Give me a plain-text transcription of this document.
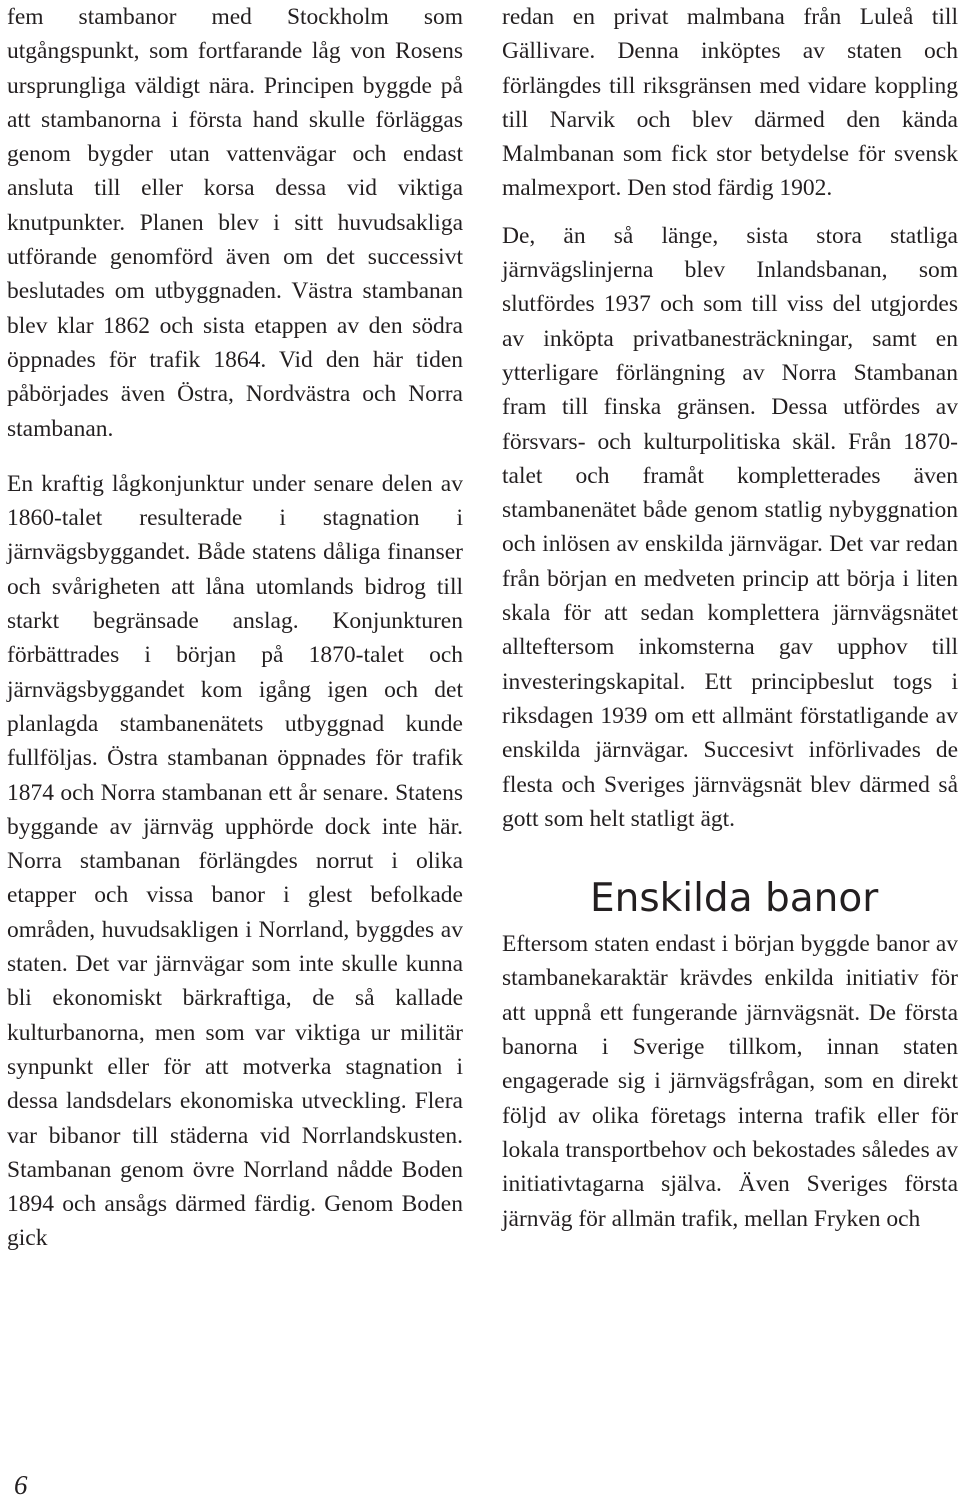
fem stambanor med Stockholm som utgångspunkt, som fortfarande låg von Rosens ursprungliga väldigt nära. Principen byggde på att stambanorna i första hand skulle förläggas genom bygder utan vattenvägar och endast ansluta till eller korsa dessa vid viktiga knutpunkter. Planen blev i sitt huvudsakliga utförande genomförd även om det successivt beslutades om utbyggnaden. Västra stambanan blev klar 1862 och sista etappen av den södra öppnades för trafik 1864. Vid den här tiden påbörjades även Östra, Nordvästra och Norra stambanan.

En kraftig lågkonjunktur under senare delen av 1860-talet resulterade i stagnation i järnvägsbyggandet. Både statens dåliga finanser och svårigheten att låna utomlands bidrog till starkt begränsade anslag. Konjunkturen förbättrades i början på 1870-talet och järnvägsbyggandet kom igång igen och det planlagda stambanenätets utbyggnad kunde fullföljas. Östra stambanan öppnades för trafik 1874 och Norra stambanan ett år senare. Statens byggande av järnväg upphörde dock inte här. Norra stambanan förlängdes norrut i olika etapper och vissa banor i glest befolkade områden, huvudsakligen i Norrland, byggdes av staten. Det var järnvägar som inte skulle kunna bli ekonomiskt bärkraftiga, de så kallade kulturbanorna, men som var viktiga ur militär synpunkt eller för att motverka stagnation i dessa landsdelars ekonomiska utveckling. Flera var bibanor till städerna vid Norrlandskusten. Stambanan genom övre Norrland nådde Boden 1894 och ansågs därmed färdig. Genom Boden gick

redan en privat malmbana från Luleå till Gällivare. Denna inköptes av staten och förlängdes till riksgränsen med vidare koppling till Narvik och blev därmed den kända Malmbanan som fick stor betydelse för svensk malmexport. Den stod färdig 1902.

De, än så länge, sista stora statliga järnvägslinjerna blev Inlandsbanan, som slutfördes 1937 och som till viss del utgjordes av inköpta privatbanesträckningar, samt en ytterligare förlängning av Norra Stambanan fram till finska gränsen. Dessa utfördes av försvars- och kulturpolitiska skäl. Från 1870-talet och framåt kompletterades även stambanenätet både genom statlig nybyggnation och inlösen av enskilda järnvägar. Det var redan från början en medveten princip att börja i liten skala för att sedan komplettera järnvägsnätet allteftersom inkomsterna gav upphov till investeringskapital. Ett principbeslut togs i riksdagen 1939 om ett allmänt förstatligande av enskilda järnvägar. Succesivt införlivades de flesta och Sveriges järnvägsnät blev därmed så gott som helt statligt ägt.

Enskilda banor

Eftersom staten endast i början byggde banor av stambanekaraktär krävdes enkilda initiativ för att uppnå ett fungerande järnvägsnät. De första banorna i Sverige tillkom, innan staten engagerade sig i järnvägsfrågan, som en direkt följd av olika företags interna trafik eller för lokala transportbehov och bekostades således av initiativtagarna själva. Även Sveriges första järnväg för allmän trafik, mellan Fryken och

6
